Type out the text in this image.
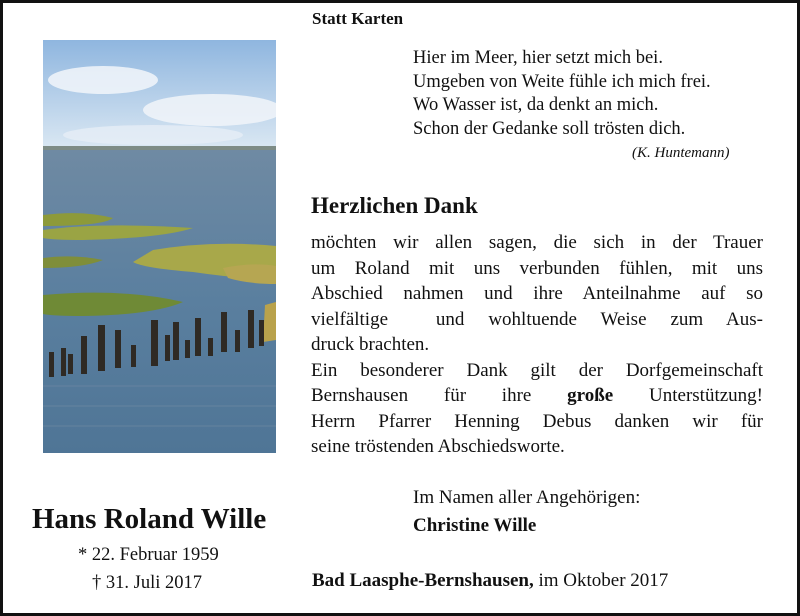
Statt Karten
Hier im Meer, hier setzt mich bei.
Umgeben von Weite fühle ich mich frei.
Wo Wasser ist, da denkt an mich.
Schon der Gedanke soll trösten dich.
(K. Huntemann)
Herzlichen Dank
möchten wir allen sagen, die sich in der Trauer
um Roland mit uns verbunden fühlen, mit uns
Abschied nahmen und ihre Anteilnahme auf so
vielfältige  und wohltuende Weise zum Aus-
druck brachten.
Ein besonderer Dank gilt der Dorfgemeinschaft
Bernshausen für ihre große Unterstützung!
Herrn Pfarrer Henning Debus danken wir für
seine tröstenden Abschiedsworte.
Im Namen aller Angehörigen:
Christine Wille
Hans Roland Wille
* 22. Februar 1959
† 31. Juli 2017	Bad Laasphe-Bernshausen, im Oktober 2017
